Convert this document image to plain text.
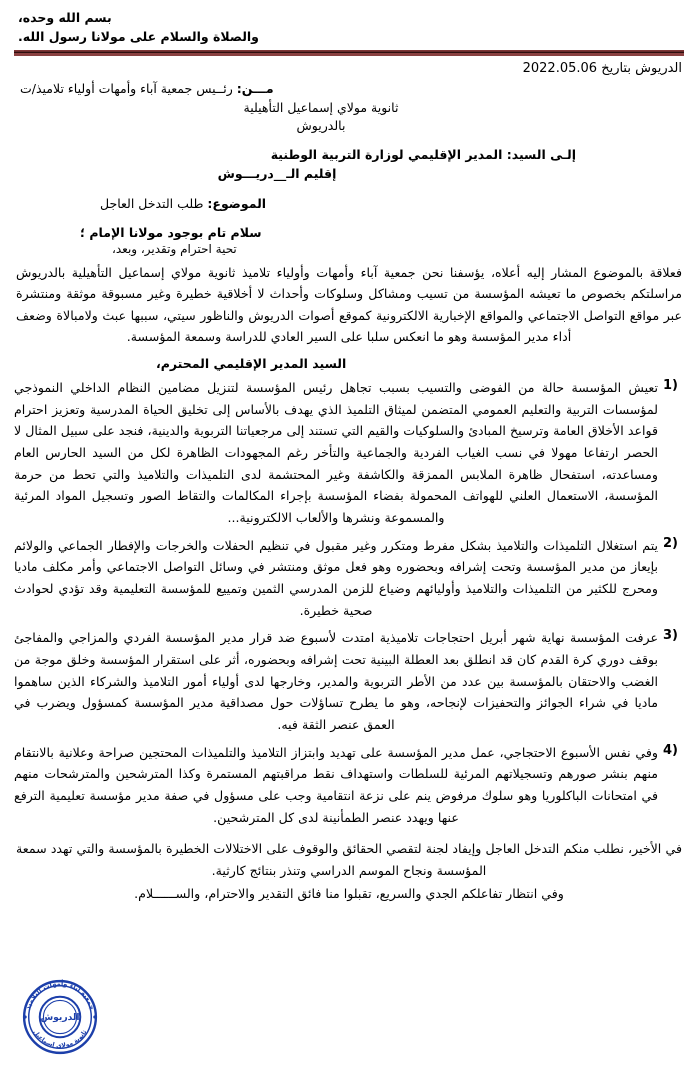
بسم الله وحده،
والصلاة والسلام على مولانا رسول الله.
الدريوش بتاريخ 2022.05.06
مـــن: رئــيس جمعية آباء وأمهات أولياء تلاميذ/ت
ثانوية مولاي إسماعيل التأهيلية
بالدريوش
إلـى السيد: المدير الإقليمي لوزارة التربية الوطنية
إقليم الـ__دريـــوش
الموضوع: طلب التدخل العاجل
سلام تام بوجود مولانا الإمام ؛
تحية احترام وتقدير، وبعد،
فعلاقة بالموضوع المشار إليه أعلاه، يؤسفنا نحن جمعية آباء وأمهات وأولياء تلاميذ ثانوية مولاي إسماعيل التأهيلية بالدريوش مراسلتكم بخصوص ما تعيشه المؤسسة من تسيب ومشاكل وسلوكات وأحداث لا أخلاقية خطيرة وغير مسبوقة موثقة ومنتشرة عبر مواقع التواصل الاجتماعي والمواقع الإخبارية الالكترونية كموقع أصوات الدريوش والناظور سيتي، سببها عبث ولامبالاة وضعف أداء مدير المؤسسة وهو ما انعكس سلبا على السير العادي للدراسة وسمعة المؤسسة.
السيد المدير الإقليمي المحترم،
1)
تعيش المؤسسة حالة من الفوضى والتسيب بسبب تجاهل رئيس المؤسسة لتنزيل مضامين النظام الداخلي النموذجي لمؤسسات التربية والتعليم العمومي المتضمن لميثاق التلميذ الذي يهدف بالأساس إلى تخليق الحياة المدرسية وتعزيز احترام قواعد الأخلاق العامة وترسيخ المبادئ والسلوكيات والقيم التي تستند إلى مرجعياتنا التربوية والدينية، فنجد على سبيل المثال لا الحصر ارتفاعا مهولا في نسب الغياب الفردية والجماعية والتأخر رغم المجهودات الظاهرة لكل من السيد الحارس العام ومساعدته، استفحال ظاهرة الملابس الممزقة والكاشفة وغير المحتشمة لدى التلميذات والتلاميذ والتي تحط من حرمة المؤسسة، الاستعمال العلني للهواتف المحمولة بفضاء المؤسسة بإجراء المكالمات والتقاط الصور وتسجيل المواد المرئية والمسموعة ونشرها والألعاب الالكترونية...
2)
يتم استغلال التلميذات والتلاميذ بشكل مفرط ومتكرر وغير مقبول في تنظيم الحفلات والخرجات والإفطار الجماعي والولائم بإيعاز من مدير المؤسسة وتحت إشرافه وبحضوره وهو فعل موثق ومنتشر في وسائل التواصل الاجتماعي وأمر مكلف ماديا ومحرج للكثير من التلميذات والتلاميذ وأوليائهم وضياع للزمن المدرسي الثمين وتمييع للمؤسسة التعليمية وقد تؤدي لحوادث صحية خطيرة.
3)
عرفت المؤسسة نهاية شهر أبريل احتجاجات تلاميذية امتدت لأسبوع ضد قرار مدير المؤسسة الفردي والمزاجي والمفاجئ بوقف دوري كرة القدم كان قد انطلق بعد العطلة البينية تحت إشرافه وبحضوره، أثر على استقرار المؤسسة وخلق موجة من الغضب والاحتقان بالمؤسسة بين عدد من الأطر التربوية والمدير، وخارجها لدى أولياء أمور التلاميذ والشركاء الذين ساهموا ماديا في شراء الجوائز والتحفيزات لإنجاحه، وهو ما يطرح تساؤلات حول مصداقية مدير المؤسسة كمسؤول ويضرب في العمق عنصر الثقة فيه.
4)
وفي نفس الأسبوع الاحتجاجي، عمل مدير المؤسسة على تهديد وابتزاز التلاميذ والتلميذات المحتجين صراحة وعلانية بالانتقام منهم بنشر صورهم وتسجيلاتهم المرئية للسلطات واستهداف نقط مراقبتهم المستمرة وكذا المترشحين والمترشحات منهم في امتحانات الباكلوريا وهو سلوك مرفوض ينم على نزعة انتقامية وجب على مسؤول في صفة مدير مؤسسة تعليمية الترفع عنها ويهدد عنصر الطمأنينة لدى كل المترشحين.
في الأخير، نطلب منكم التدخل العاجل وإيفاد لجنة لتقصي الحقائق والوقوف على الاختلالات الخطيرة بالمؤسسة والتي تهدد سمعة المؤسسة ونجاح الموسم الدراسي وتنذر بنتائج كارثية.
وفي انتظار تفاعلكم الجدي والسريع، تقبلوا منا فائق التقدير والاحترام، والســــــلام.
جمعية آباء وأمهات التلاميذ
ثانوية مولاي إسماعيل
الدريوش
